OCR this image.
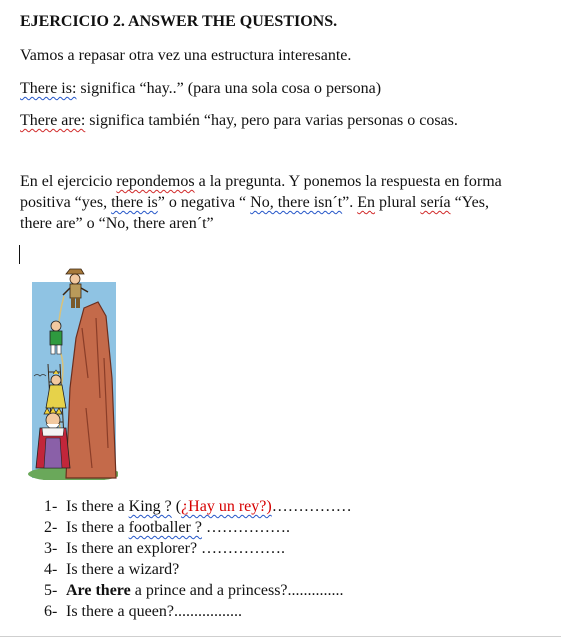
EJERCICIO 2. ANSWER THE QUESTIONS.
Vamos a repasar otra vez una estructura interesante.
There is: significa “hay..” (para una sola cosa o persona)
There are: significa también “hay, pero para varias personas o cosas.
En el ejercicio repondemos a la pregunta. Y ponemos la respuesta en forma
positiva “yes, there is” o negativa “ No, there isn´t”. En plural sería “Yes,
there are” o “No, there aren´t”
1- Is there a King ? (¿Hay un rey?)……………
2- Is there a footballer ? …………….
3- Is there an explorer? …………….
4- Is there a wizard?
5- Are there a prince and a princess?..............
6- Is there a queen?.................
